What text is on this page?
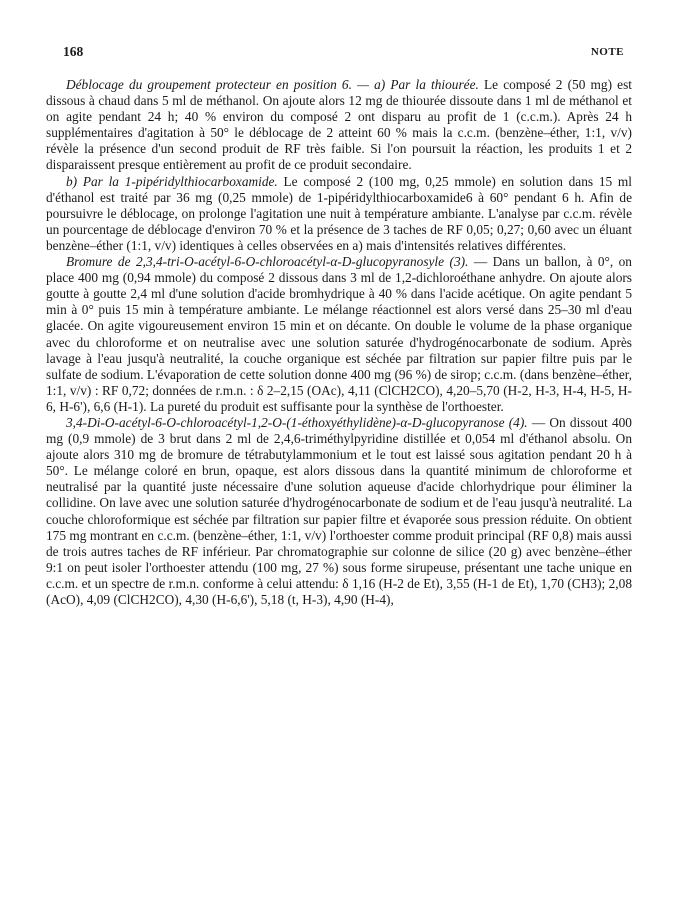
168	NOTE

Déblocage du groupement protecteur en position 6. — a) Par la thiourée. Le composé 2 (50 mg) est dissous à chaud dans 5 ml de méthanol. On ajoute alors 12 mg de thiourée dissoute dans 1 ml de méthanol et on agite pendant 24 h; 40 % environ du composé 2 ont disparu au profit de 1 (c.c.m.). Après 24 h supplémentaires d'agitation à 50° le déblocage de 2 atteint 60 % mais la c.c.m. (benzène–éther, 1:1, v/v) révèle la présence d'un second produit de RF très faible. Si l'on poursuit la réaction, les produits 1 et 2 disparaissent presque entièrement au profit de ce produit secondaire.

b) Par la 1-pipéridylthiocarboxamide. Le composé 2 (100 mg, 0,25 mmole) en solution dans 15 ml d'éthanol est traité par 36 mg (0,25 mmole) de 1-pipéridylthiocarboxamide6 à 60° pendant 6 h. Afin de poursuivre le déblocage, on prolonge l'agitation une nuit à température ambiante. L'analyse par c.c.m. révèle un pourcentage de déblocage d'environ 70 % et la présence de 3 taches de RF 0,05; 0,27; 0,60 avec un éluant benzène–éther (1:1, v/v) identiques à celles observées en a) mais d'intensités relatives différentes.

Bromure de 2,3,4-tri-O-acétyl-6-O-chloroacétyl-α-D-glucopyranosyle (3). — Dans un ballon, à 0°, on place 400 mg (0,94 mmole) du composé 2 dissous dans 3 ml de 1,2-dichloroéthane anhydre. On ajoute alors goutte à goutte 2,4 ml d'une solution d'acide bromhydrique à 40 % dans l'acide acétique. On agite pendant 5 min à 0° puis 15 min à température ambiante. Le mélange réactionnel est alors versé dans 25–30 ml d'eau glacée. On agite vigoureusement environ 15 min et on décante. On double le volume de la phase organique avec du chloroforme et on neutralise avec une solution saturée d'hydrogénocarbonate de sodium. Après lavage à l'eau jusqu'à neutralité, la couche organique est séchée par filtration sur papier filtre puis par le sulfate de sodium. L'évaporation de cette solution donne 400 mg (96 %) de sirop; c.c.m. (dans benzène–éther, 1:1, v/v) : RF 0,72; données de r.m.n. : δ 2–2,15 (OAc), 4,11 (ClCH2CO), 4,20–5,70 (H-2, H-3, H-4, H-5, H-6, H-6'), 6,6 (H-1). La pureté du produit est suffisante pour la synthèse de l'orthoester.

3,4-Di-O-acétyl-6-O-chloroacétyl-1,2-O-(1-éthoxyéthylidène)-α-D-glucopyranose (4). — On dissout 400 mg (0,9 mmole) de 3 brut dans 2 ml de 2,4,6-triméthylpyridine distillée et 0,054 ml d'éthanol absolu. On ajoute alors 310 mg de bromure de tétrabutylammonium et le tout est laissé sous agitation pendant 20 h à 50°. Le mélange coloré en brun, opaque, est alors dissous dans la quantité minimum de chloroforme et neutralisé par la quantité juste nécessaire d'une solution aqueuse d'acide chlorhydrique pour éliminer la collidine. On lave avec une solution saturée d'hydrogénocarbonate de sodium et de l'eau jusqu'à neutralité. La couche chloroformique est séchée par filtration sur papier filtre et évaporée sous pression réduite. On obtient 175 mg montrant en c.c.m. (benzène–éther, 1:1, v/v) l'orthoester comme produit principal (RF 0,8) mais aussi de trois autres taches de RF inférieur. Par chromatographie sur colonne de silice (20 g) avec benzène–éther 9:1 on peut isoler l'orthoester attendu (100 mg, 27 %) sous forme sirupeuse, présentant une tache unique en c.c.m. et un spectre de r.m.n. conforme à celui attendu: δ 1,16 (H-2 de Et), 3,55 (H-1 de Et), 1,70 (CH3); 2,08 (AcO), 4,09 (ClCH2CO), 4,30 (H-6,6'), 5,18 (t, H-3), 4,90 (H-4),
